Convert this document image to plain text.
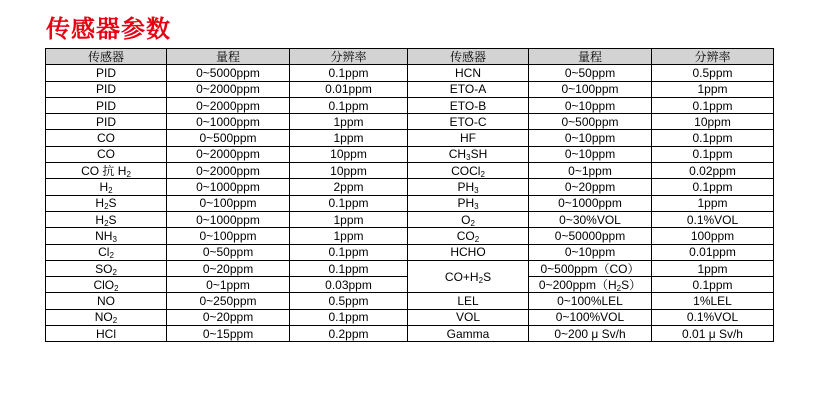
传感器参数
传感器	量程	分辨率	传感器	量程	分辨率
PID	0~5000ppm	0.1ppm	HCN	0~50ppm	0.5ppm
PID	0~2000ppm	0.01ppm	ETO-A	0~100ppm	1ppm
PID	0~2000ppm	0.1ppm	ETO-B	0~10ppm	0.1ppm
PID	0~1000ppm	1ppm	ETO-C	0~500ppm	10ppm
CO	0~500ppm	1ppm	HF	0~10ppm	0.1ppm
CO	0~2000ppm	10ppm	$CH_3SH$	0~10ppm	0.1ppm
CO 抗 $H_2$	0~2000ppm	10ppm	COCl$_2$	0~1ppm	0.02ppm
$H_2$	0~1000ppm	2ppm	$PH_3$	0~20ppm	0.1ppm
$H_2S$	0~100ppm	0.1ppm	$PH_3$	0~1000ppm	1ppm
$H_2S$	0~1000ppm	1ppm	$O_2$	0~30%VOL	0.1%VOL
$NH_3$	0~100ppm	1ppm	$CO_2$	0~50000ppm	100ppm
$Cl_2$	0~50ppm	0.1ppm	HCHO	0~10ppm	0.01ppm
$SO_2$	0~20ppm	0.1ppm	$CO+H_2S$	0~500ppm（CO）	1ppm
ClO$_2$	0~1ppm	0.03ppm		$0\sim 200ppm(H_2S)$	0.1ppm
NO	0~250ppm	0.5ppm	LEL	0~100%LEL	1%LEL
$NO_2$	0~20ppm	0.1ppm	VOL	0~100%VOL	0.1%VOL
HCl	0~15ppm	0.2ppm	Gamma	0~200 μ Sv/h	0.01 μ Sv/h
